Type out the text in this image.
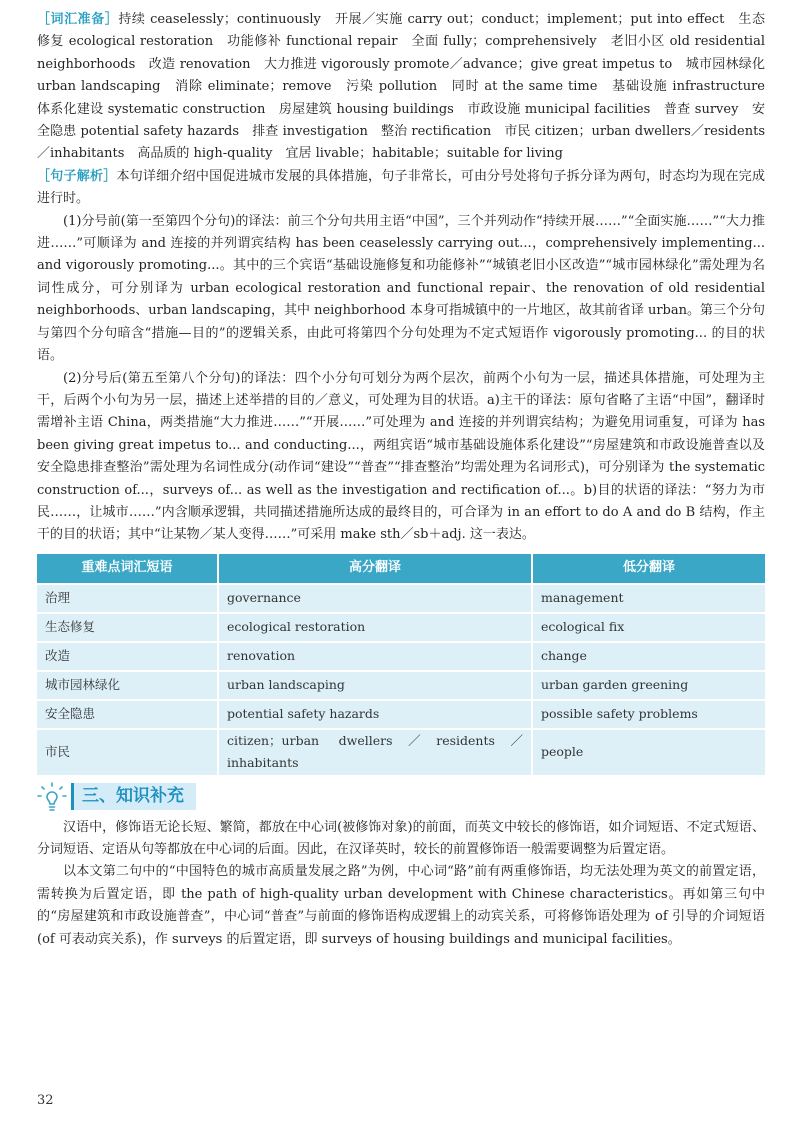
［词汇准备］持续 ceaselessly；continuously　开展／实施 carry out；conduct；implement；put into effect　生态修复 ecological restoration　功能修补 functional repair　全面 fully；comprehensively　老旧小区 old residential neighborhoods　改造 renovation　大力推进 vigorously promote／advance；give great impetus to　城市园林绿化 urban landscaping　消除 eliminate；remove　污染 pollution　同时 at the same time　基础设施 infrastructure　体系化建设 systematic construction　房屋建筑 housing buildings　市政设施 municipal facilities　普查 survey　安全隐患 potential safety hazards　排查 investigation　整治 rectification　市民 citizen；urban dwellers／residents／inhabitants　高品质的 high-quality　宜居 livable；habitable；suitable for living

［句子解析］本句详细介绍中国促进城市发展的具体措施，句子非常长，可由分号处将句子拆分译为两句，时态均为现在完成进行时。

(1)分号前(第一至第四个分句)的译法：前三个分句共用主语“中国”，三个并列动作“持续开展……”“全面实施……”“大力推进……”可顺译为 and 连接的并列谓宾结构 has been ceaselessly carrying out...，comprehensively implementing... and vigorously promoting...。其中的三个宾语“基础设施修复和功能修补”“城镇老旧小区改造”“城市园林绿化”需处理为名词性成分，可分别译为 urban ecological restoration and functional repair、the renovation of old residential neighborhoods、urban landscaping，其中 neighborhood 本身可指城镇中的一片地区，故其前省译 urban。第三个分句与第四个分句暗含“措施—目的”的逻辑关系，由此可将第四个分句处理为不定式短语作 vigorously promoting... 的目的状语。

(2)分号后(第五至第八个分句)的译法：四个小分句可划分为两个层次，前两个小句为一层，描述具体措施，可处理为主干，后两个小句为另一层，描述上述举措的目的／意义，可处理为目的状语。a)主干的译法：原句省略了主语“中国”，翻译时需增补主语 China，两类措施“大力推进……”“开展……”可处理为 and 连接的并列谓宾结构；为避免用词重复，可译为 has been giving great impetus to... and conducting...，两组宾语“城市基础设施体系化建设”“房屋建筑和市政设施普查以及安全隐患排查整治”需处理为名词性成分(动作词“建设”“普查”“排查整治”均需处理为名词形式)，可分别译为 the systematic construction of...，surveys of... as well as the investigation and rectification of...。b)目的状语的译法：“努力为市民……，让城市……”内含顺承逻辑，共同描述措施所达成的最终目的，可合译为 in an effort to do A and do B 结构，作主干的目的状语；其中“让某物／某人变得……”可采用 make sth／sb＋adj. 这一表达。

重难点词汇短语	高分翻译	低分翻译
治理	governance	management
生态修复	ecological restoration	ecological fix
改造	renovation	change
城市园林绿化	urban landscaping	urban garden greening
安全隐患	potential safety hazards	possible safety problems
市民	citizen；urban dwellers／residents／inhabitants	people
三、知识补充

汉语中，修饰语无论长短、繁简，都放在中心词(被修饰对象)的前面，而英文中较长的修饰语，如介词短语、不定式短语、分词短语、定语从句等都放在中心词的后面。因此，在汉译英时，较长的前置修饰语一般需要调整为后置定语。

以本文第二句中的“中国特色的城市高质量发展之路”为例，中心词“路”前有两重修饰语，均无法处理为英文的前置定语，需转换为后置定语，即 the path of high-quality urban development with Chinese characteristics。再如第三句中的“房屋建筑和市政设施普查”，中心词“普查”与前面的修饰语构成逻辑上的动宾关系，可将修饰语处理为 of 引导的介词短语(of 可表动宾关系)，作 surveys 的后置定语，即 surveys of housing buildings and municipal facilities。

32
